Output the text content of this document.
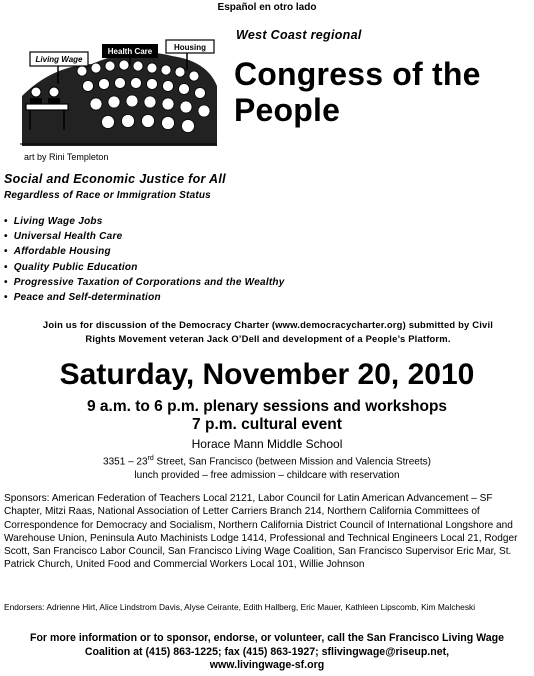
Español en otro lado
Living Wage
Health Care	Housing
art by Rini Templeton
West Coast regional
Congress of the
People
Social and Economic Justice for All
Regardless of Race or Immigration Status
• Living Wage Jobs
• Universal Health Care
• Affordable Housing
• Quality Public Education
• Progressive Taxation of Corporations and the Wealthy
• Peace and Self-determination
Join us for discussion of the Democracy Charter (www.democracycharter.org) submitted by Civil
Rights Movement veteran Jack O’Dell and development of a People’s Platform.
Saturday, November 20, 2010
9 a.m. to 6 p.m. plenary sessions and workshops
7 p.m. cultural event
Horace Mann Middle School
3351 – 23rd Street, San Francisco (between Mission and Valencia Streets)
lunch provided – free admission – childcare with reservation
Sponsors: American Federation of Teachers Local 2121, Labor Council for Latin American Advancement – SF Chapter, Mitzi Raas, National Association of Letter Carriers Branch 214, Northern California Committees of Correspondence for Democracy and Socialism, Northern California District Council of International Longshore and Warehouse Union, Peninsula Auto Machinists Lodge 1414, Professional and Technical Engineers Local 21, Rodger Scott, San Francisco Labor Council, San Francisco Living Wage Coalition, San Francisco Supervisor Eric Mar, St. Patrick Church, United Food and Commercial Workers Local 101, Willie Johnson
Endorsers: Adrienne Hirt, Alice Lindstrom Davis, Alyse Ceirante, Edith Hallberg, Eric Mauer, Kathleen Lipscomb, Kim Malcheski
For more information or to sponsor, endorse, or volunteer, call the San Francisco Living Wage
Coalition at (415) 863-1225; fax (415) 863-1927; sflivingwage@riseup.net,
www.livingwage-sf.org
